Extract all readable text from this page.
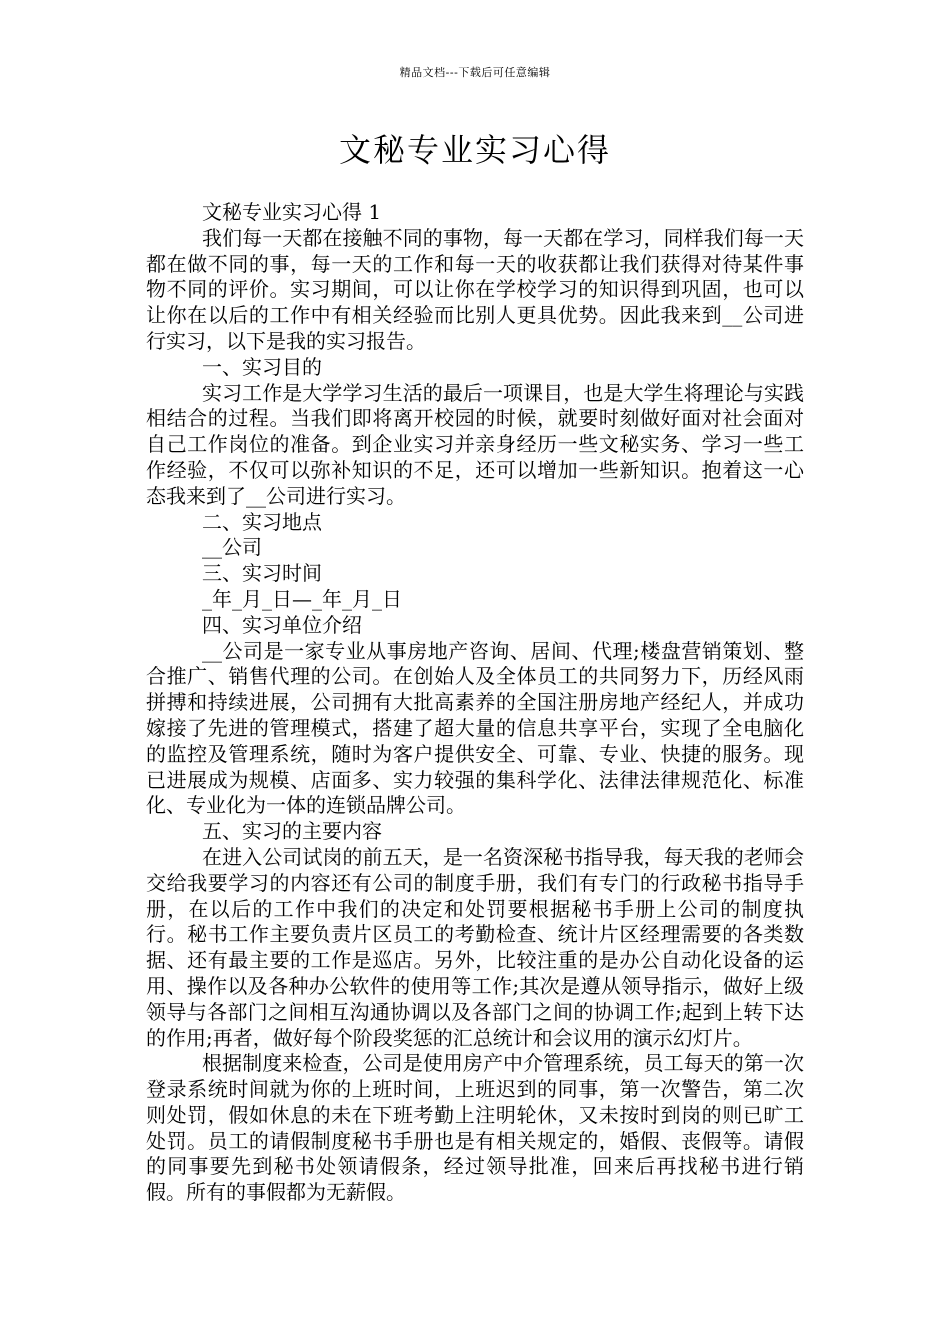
精品文档---下载后可任意编辑
文秘专业实习心得

文秘专业实习心得 1

我们每一天都在接触不同的事物，每一天都在学习，同样我们每一天都在做不同的事，每一天的工作和每一天的收获都让我们获得对待某件事物不同的评价。实习期间，可以让你在学校学习的知识得到巩固，也可以让你在以后的工作中有相关经验而比别人更具优势。因此我来到__公司进行实习，以下是我的实习报告。

一、实习目的

实习工作是大学学习生活的最后一项课目，也是大学生将理论与实践相结合的过程。当我们即将离开校园的时候，就要时刻做好面对社会面对自己工作岗位的准备。到企业实习并亲身经历一些文秘实务、学习一些工作经验，不仅可以弥补知识的不足，还可以增加一些新知识。抱着这一心态我来到了__公司进行实习。

二、实习地点

__公司

三、实习时间

_年_月_日—_年_月_日

四、实习单位介绍

__公司是一家专业从事房地产咨询、居间、代理;楼盘营销策划、整合推广、销售代理的公司。在创始人及全体员工的共同努力下，历经风雨拼搏和持续进展，公司拥有大批高素养的全国注册房地产经纪人，并成功嫁接了先进的管理模式，搭建了超大量的信息共享平台，实现了全电脑化的监控及管理系统，随时为客户提供安全、可靠、专业、快捷的服务。现已进展成为规模、店面多、实力较强的集科学化、法律法律规范化、标准化、专业化为一体的连锁品牌公司。

五、实习的主要内容

在进入公司试岗的前五天，是一名资深秘书指导我，每天我的老师会交给我要学习的内容还有公司的制度手册，我们有专门的行政秘书指导手册，在以后的工作中我们的决定和处罚要根据秘书手册上公司的制度执行。秘书工作主要负责片区员工的考勤检查、统计片区经理需要的各类数据、还有最主要的工作是巡店。另外，比较注重的是办公自动化设备的运用、操作以及各种办公软件的使用等工作;其次是遵从领导指示，做好上级领导与各部门之间相互沟通协调以及各部门之间的协调工作;起到上转下达的作用;再者，做好每个阶段奖惩的汇总统计和会议用的演示幻灯片。

根据制度来检查，公司是使用房产中介管理系统，员工每天的第一次登录系统时间就为你的上班时间，上班迟到的同事，第一次警告，第二次则处罚，假如休息的未在下班考勤上注明轮休，又未按时到岗的则已旷工处罚。员工的请假制度秘书手册也是有相关规定的，婚假、丧假等。请假的同事要先到秘书处领请假条，经过领导批准，回来后再找秘书进行销假。所有的事假都为无薪假。
